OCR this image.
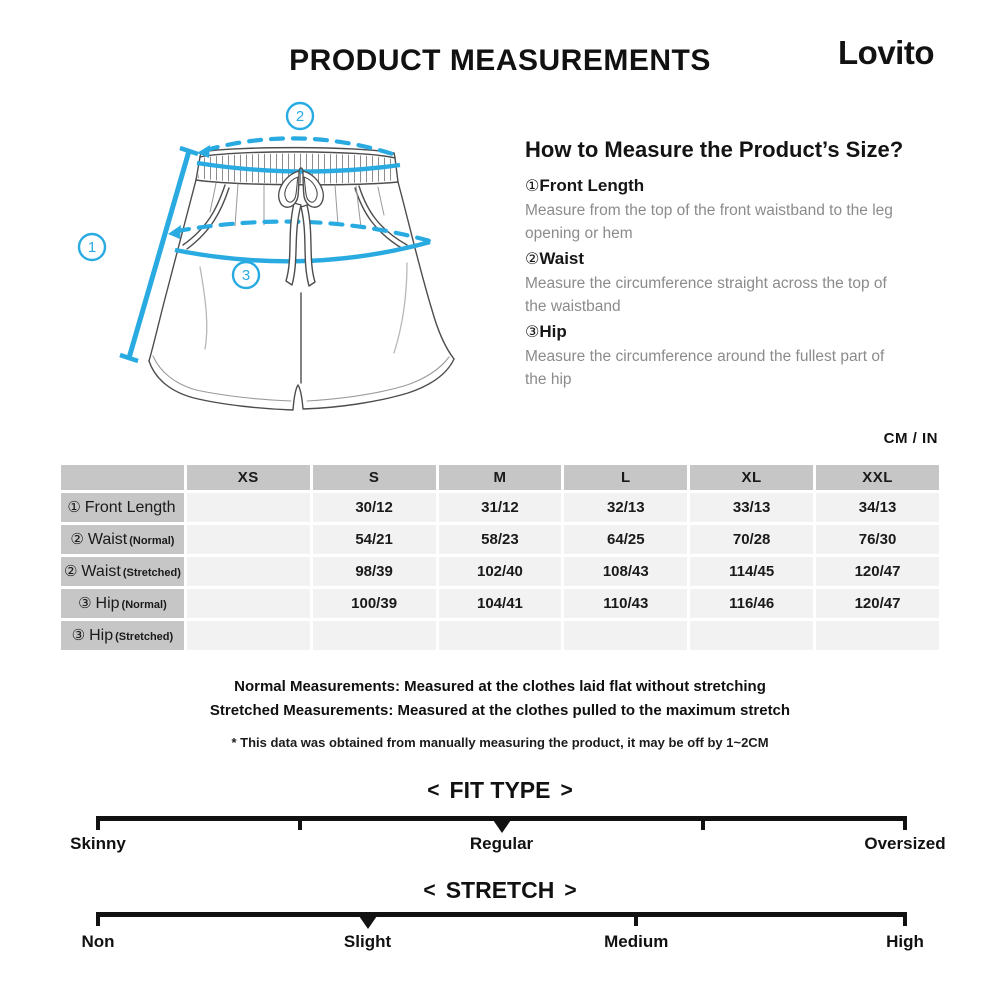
PRODUCT MEASUREMENTS	Lovito
1
2
3
How to Measure the Product’s Size?
①Front Length
Measure from the top of the front waistband to the leg opening or hem
②Waist
Measure the circumference straight across the top of the waistband
③Hip
Measure the circumference around the fullest part of the hip
CM / IN
	XS	S	M	L	XL	XXL
① Front Length		30/12	31/12	32/13	33/13	34/13
② Waist (Normal)		54/21	58/23	64/25	70/28	76/30
② Waist (Stretched)		98/39	102/40	108/43	114/45	120/47
③ Hip (Normal)		100/39	104/41	110/43	116/46	120/47
③ Hip (Stretched)						
Normal Measurements: Measured at the clothes laid flat without stretching
Stretched Measurements: Measured at the clothes pulled to the maximum stretch
* This data was obtained from manually measuring the product, it may be off by 1~2CM
< FIT TYPE >
Skinny	Regular	Oversized
< STRETCH >
Non	Slight	Medium	High
